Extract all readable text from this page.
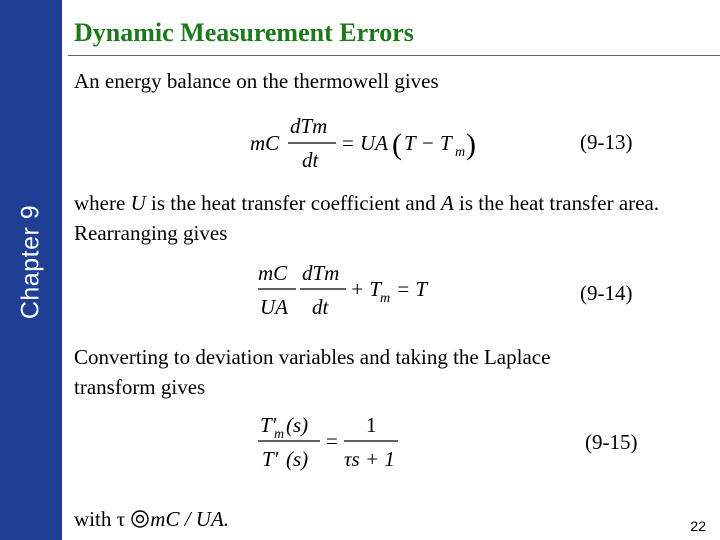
Chapter 9
Dynamic Measurement Errors
An energy balance on the thermowell gives
mC
dTm
dt
= UA ( T − T m )	(9-13)
where U is the heat transfer coefficient and A is the heat transfer area. Rearranging gives
mC
UA
dTm
dt
+ T
m = T	(9-14)
Converting to deviation variables and taking the Laplace transform gives
T′
m (s)
T′ (s)
=
1
τs + 1
(9-15)
with τ mC / UA.	22
